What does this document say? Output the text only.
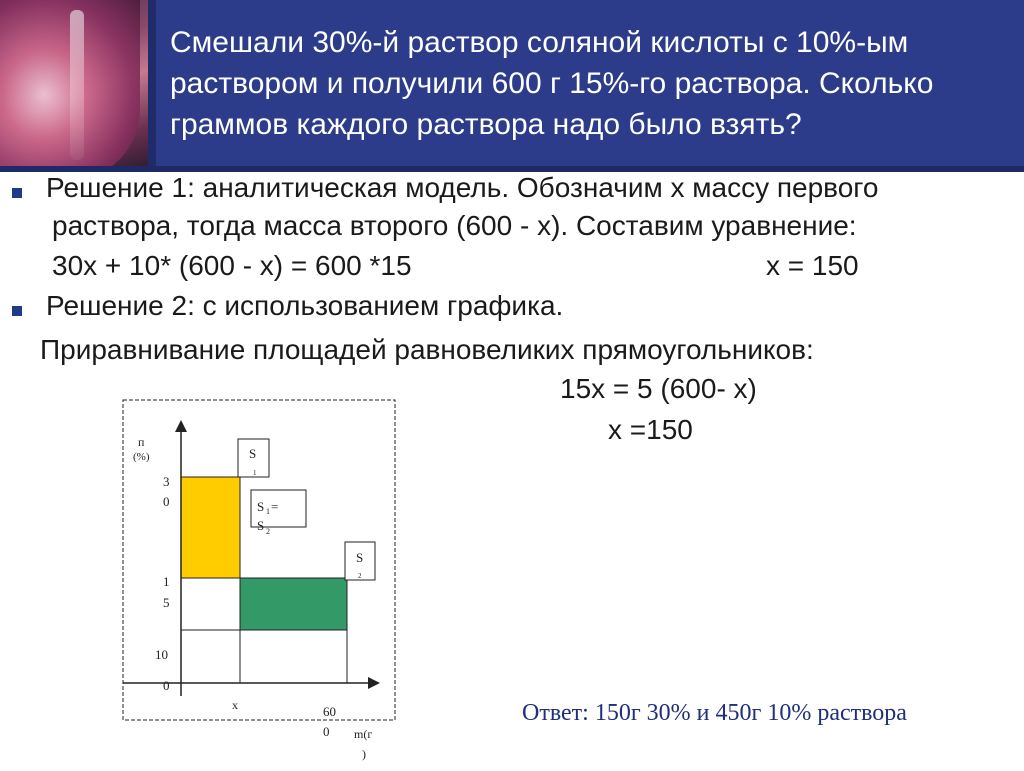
Смешали 30%-й раствор соляной кислоты с 10%-ым
раствором и получили 600 г 15%-го раствора. Сколько
граммов каждого раствора надо было взять?
Решение 1: аналитическая модель. Обозначим х массу первого
раствора, тогда масса второго (600 - х). Составим уравнение:
30х + 10* (600 - х) = 600 *15	х = 150
Решение 2: с использованием графика.
Приравнивание площадей равновеликих прямоугольников:
15х = 5 (600- х)
х =150
п
(%)
3
0
1
5
10
0
х	60
0 m(г
)
S
1
S 1 =
S 2
S
2
Ответ: 150г 30% и 450г 10% раствора
